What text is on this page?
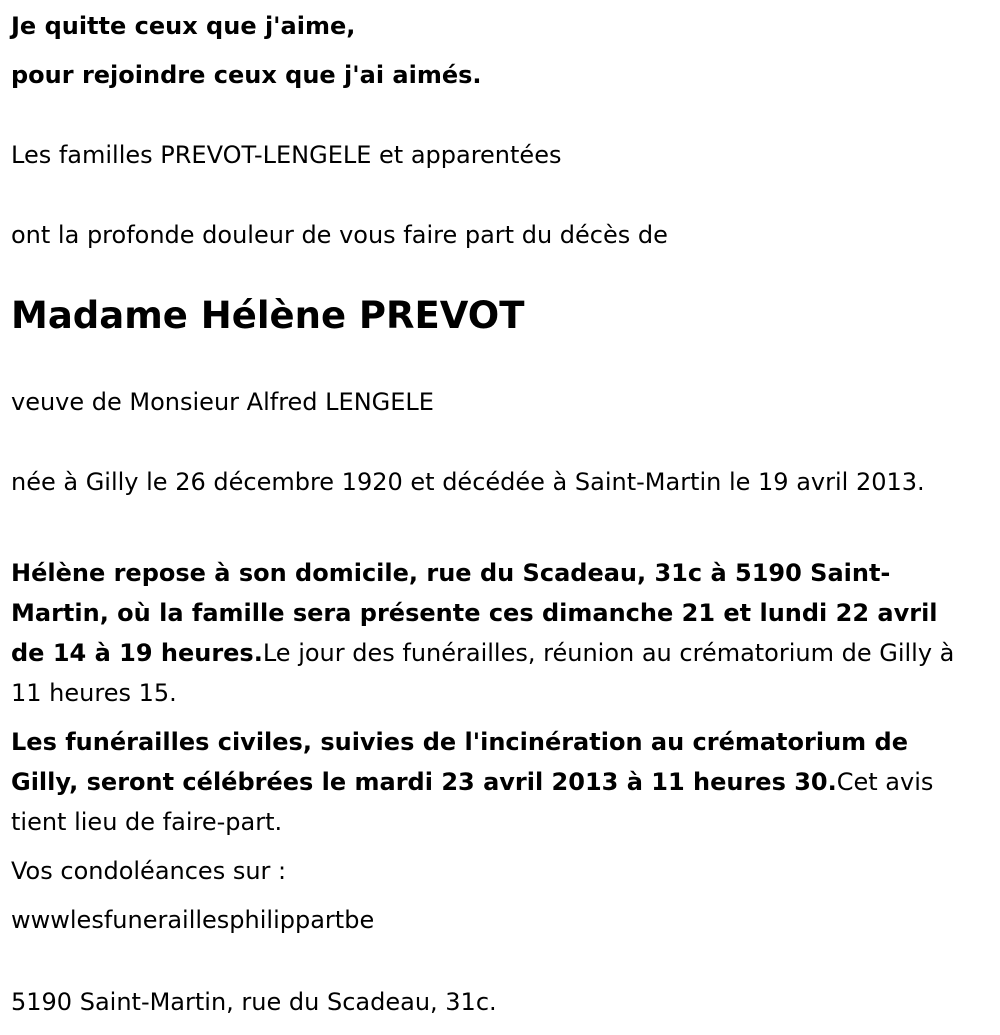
Je quitte ceux que j'aime,

pour rejoindre ceux que j'ai aimés.

Les familles PREVOT-LENGELE et apparentées

ont la profonde douleur de vous faire part du décès de

Madame Hélène PREVOT

veuve de Monsieur Alfred LENGELE

née à Gilly le 26 décembre 1920 et décédée à Saint-Martin le 19 avril 2013.

Hélène repose à son domicile, rue du Scadeau, 31c à 5190 Saint-Martin, où la famille sera présente ces dimanche 21 et lundi 22 avril de 14 à 19 heures.Le jour des funérailles, réunion au crématorium de Gilly à 11 heures 15.

Les funérailles civiles, suivies de l'incinération au crématorium de Gilly, seront célébrées le mardi 23 avril 2013 à 11 heures 30.Cet avis tient lieu de faire-part.

Vos condoléances sur :

wwwlesfuneraillesphilippartbe

5190 Saint-Martin, rue du Scadeau, 31c.
